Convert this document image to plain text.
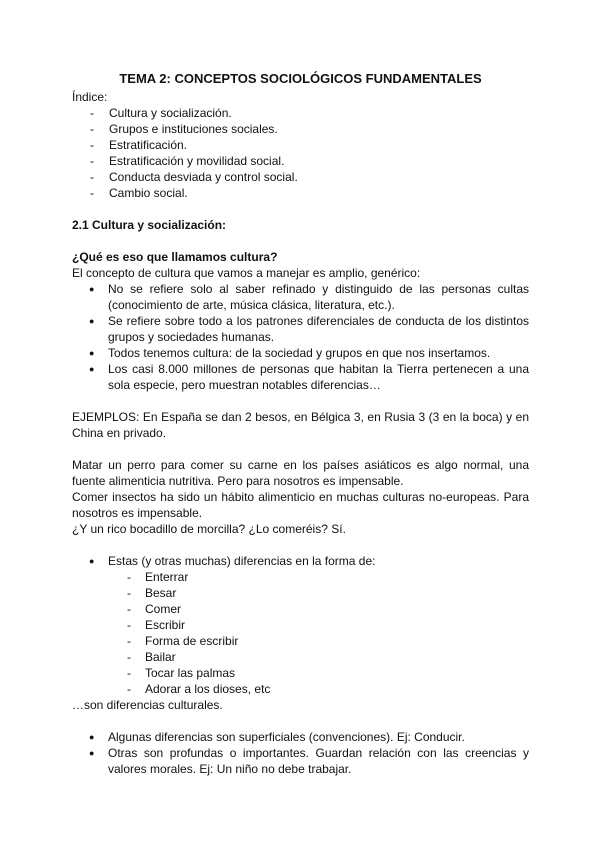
TEMA 2: CONCEPTOS SOCIOLÓGICOS FUNDAMENTALES

Índice:

- Cultura y socialización.
- Grupos e instituciones sociales.
- Estratificación.
- Estratificación y movilidad social.
- Conducta desviada y control social.
- Cambio social.

2.1 Cultura y socialización:

¿Qué es eso que llamamos cultura?

El concepto de cultura que vamos a manejar es amplio, genérico:

● No se refiere solo al saber refinado y distinguido de las personas cultas (conocimiento de arte, música clásica, literatura, etc.).
● Se refiere sobre todo a los patrones diferenciales de conducta de los distintos grupos y sociedades humanas.
● Todos tenemos cultura: de la sociedad y grupos en que nos insertamos.
● Los casi 8.000 millones de personas que habitan la Tierra pertenecen a una sola especie, pero muestran notables diferencias…

EJEMPLOS: En España se dan 2 besos, en Bélgica 3, en Rusia 3 (3 en la boca) y en China en privado.

Matar un perro para comer su carne en los países asiáticos es algo normal, una fuente alimenticia nutritiva. Pero para nosotros es impensable.

Comer insectos ha sido un hábito alimenticio en muchas culturas no-europeas. Para nosotros es impensable.

¿Y un rico bocadillo de morcilla? ¿Lo comeréis? Sí.

● Estas (y otras muchas) diferencias en la forma de:
- Enterrar
- Besar
- Comer
- Escribir
- Forma de escribir
- Bailar
- Tocar las palmas
- Adorar a los dioses, etc

…son diferencias culturales.

● Algunas diferencias son superficiales (convenciones). Ej: Conducir.
● Otras son profundas o importantes. Guardan relación con las creencias y valores morales. Ej: Un niño no debe trabajar.
